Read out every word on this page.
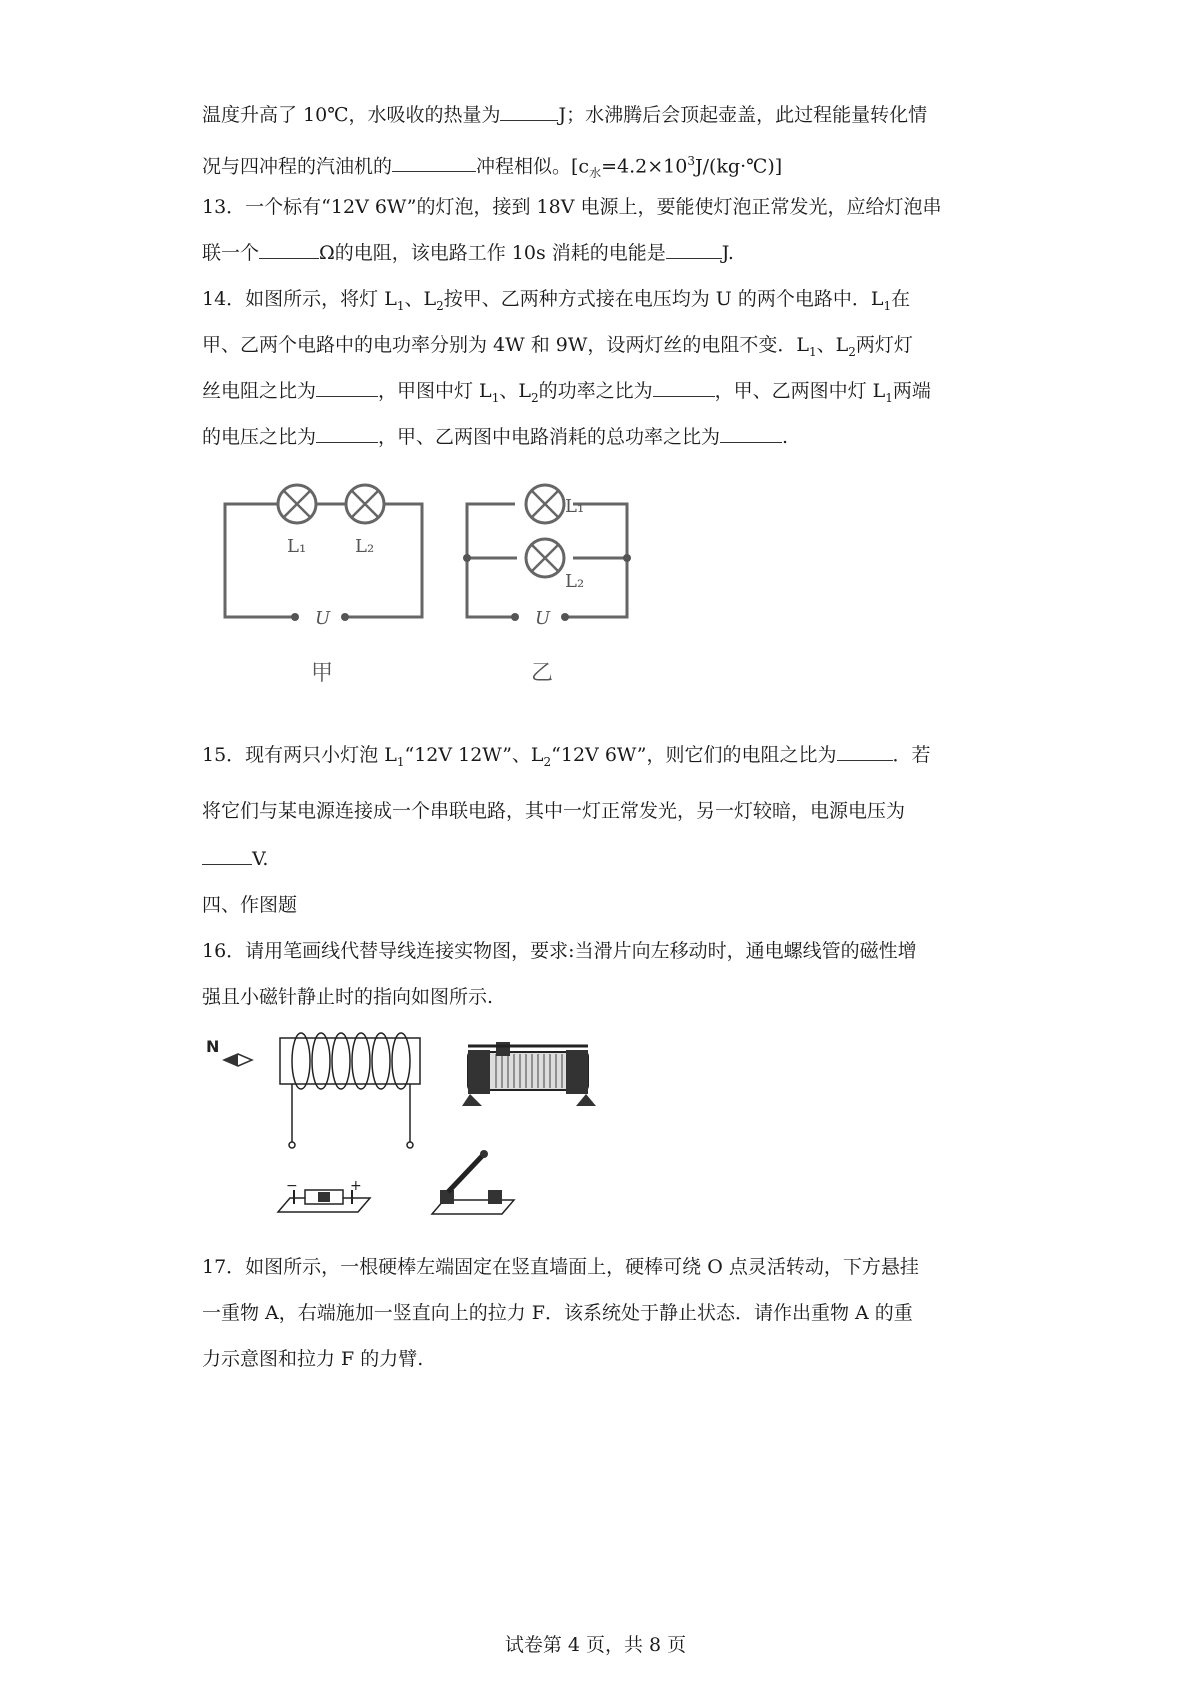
温度升高了 10℃，水吸收的热量为	J；水沸腾后会顶起壶盖，此过程能量转化情
况与四冲程的汽油机的	冲程相似。$[c_水=4.2\times 10^3J/(kg\cdot℃)]$
13．一个标有“12V 6W”的灯泡，接到 18V 电源上，要能使灯泡正常发光，应给灯泡串
联一个	Ω的电阻，该电路工作 10s 消耗的电能是	J.
14．如图所示，将灯 $L_1$、$L_2$按甲、乙两种方式接在电压均为 U 的两个电路中．$L_1$在
甲、乙两个电路中的电功率分别为 4W 和 9W，设两灯丝的电阻不变．$L_1$、$L_2$两灯灯
丝电阻之比为	，甲图中灯 $L_1$、$L_2$的功率之比为	，甲、乙两图中灯 $L_1$两端
的电压之比为	，甲、乙两图中电路消耗的总功率之比为	.
L₁	L₂
L₁
L₂
U	U
甲	乙
15．现有两只小灯泡 $L_1“12V$ 12W”、$L_2“12V$ 6W”，则它们的电阻之比为	．若
将它们与某电源连接成一个串联电路，其中一灯正常发光，另一灯较暗，电源电压为
V.
四、作图题
16．请用笔画线代替导线连接实物图，要求:当滑片向左移动时，通电螺线管的磁性增
强且小磁针静止时的指向如图所示.
N
−	+
17．如图所示，一根硬棒左端固定在竖直墙面上，硬棒可绕 O 点灵活转动，下方悬挂
一重物 A，右端施加一竖直向上的拉力 F．该系统处于静止状态．请作出重物 A 的重
力示意图和拉力 F 的力臂.
试卷第 4 页，共 8 页
